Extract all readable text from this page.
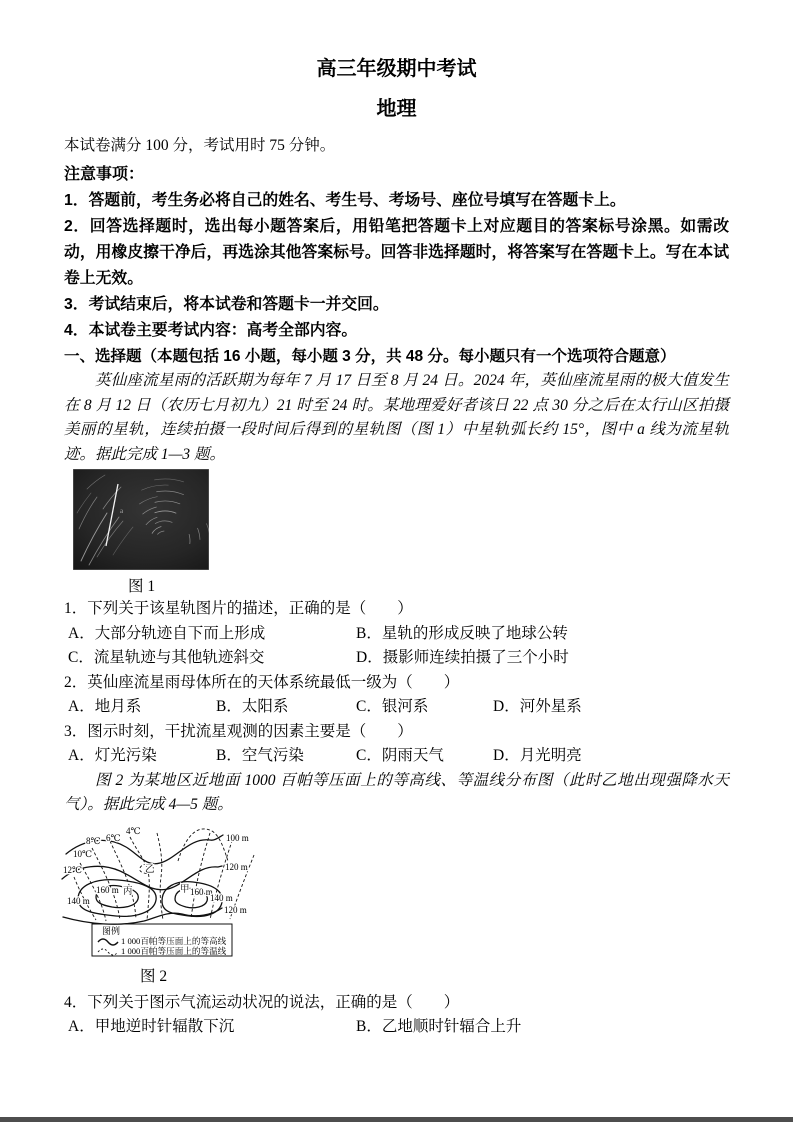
高三年级期中考试
地理

本试卷满分 100 分，考试用时 75 分钟。

注意事项：

1．答题前，考生务必将自己的姓名、考生号、考场号、座位号填写在答题卡上。

2．回答选择题时，选出每小题答案后，用铅笔把答题卡上对应题目的答案标号涂黑。如需改动，用橡皮擦干净后，再选涂其他答案标号。回答非选择题时，将答案写在答题卡上。写在本试卷上无效。

3．考试结束后，将本试卷和答题卡一并交回。

4．本试卷主要考试内容：高考全部内容。

一、选择题（本题包括 16 小题，每小题 3 分，共 48 分。每小题只有一个选项符合题意）

英仙座流星雨的活跃期为每年 7 月 17 日至 8 月 24 日。2024 年，英仙座流星雨的极大值发生在 8 月 12 日（农历七月初九）21 时至 24 时。某地理爱好者该日 22 点 30 分之后在太行山区拍摄美丽的星轨，连续拍摄一段时间后得到的星轨图（图 1）中星轨弧长约 15°，图中 a 线为流星轨迹。据此完成 1—3 题。

a
图 1
1．下列关于该星轨图片的描述，正确的是（　　）
A．大部分轨迹自下而上形成	B．星轨的形成反映了地球公转
C．流星轨迹与其他轨迹斜交	D．摄影师连续拍摄了三个小时
2．英仙座流星雨母体所在的天体系统最低一级为（　　）
A．地月系	B．太阳系	C．银河系	D．河外星系
3．图示时刻，干扰流星观测的因素主要是（　　）
A．灯光污染	B．空气污染	C．阴雨天气	D．月光明亮

图 2 为某地区近地面 1000 百帕等压面上的等高线、等温线分布图（此时乙地出现强降水天气）。据此完成 4—5 题。

4℃
6℃
8℃
10℃
12℃
100 m
120 m
160 m
140 m
160 m
140 m
120 m
甲
乙
丙
图例
1 000百帕等压面上的等高线
1 000百帕等压面上的等温线
图 2
4．下列关于图示气流运动状况的说法，正确的是（　　）
A．甲地逆时针辐散下沉	B．乙地顺时针辐合上升
